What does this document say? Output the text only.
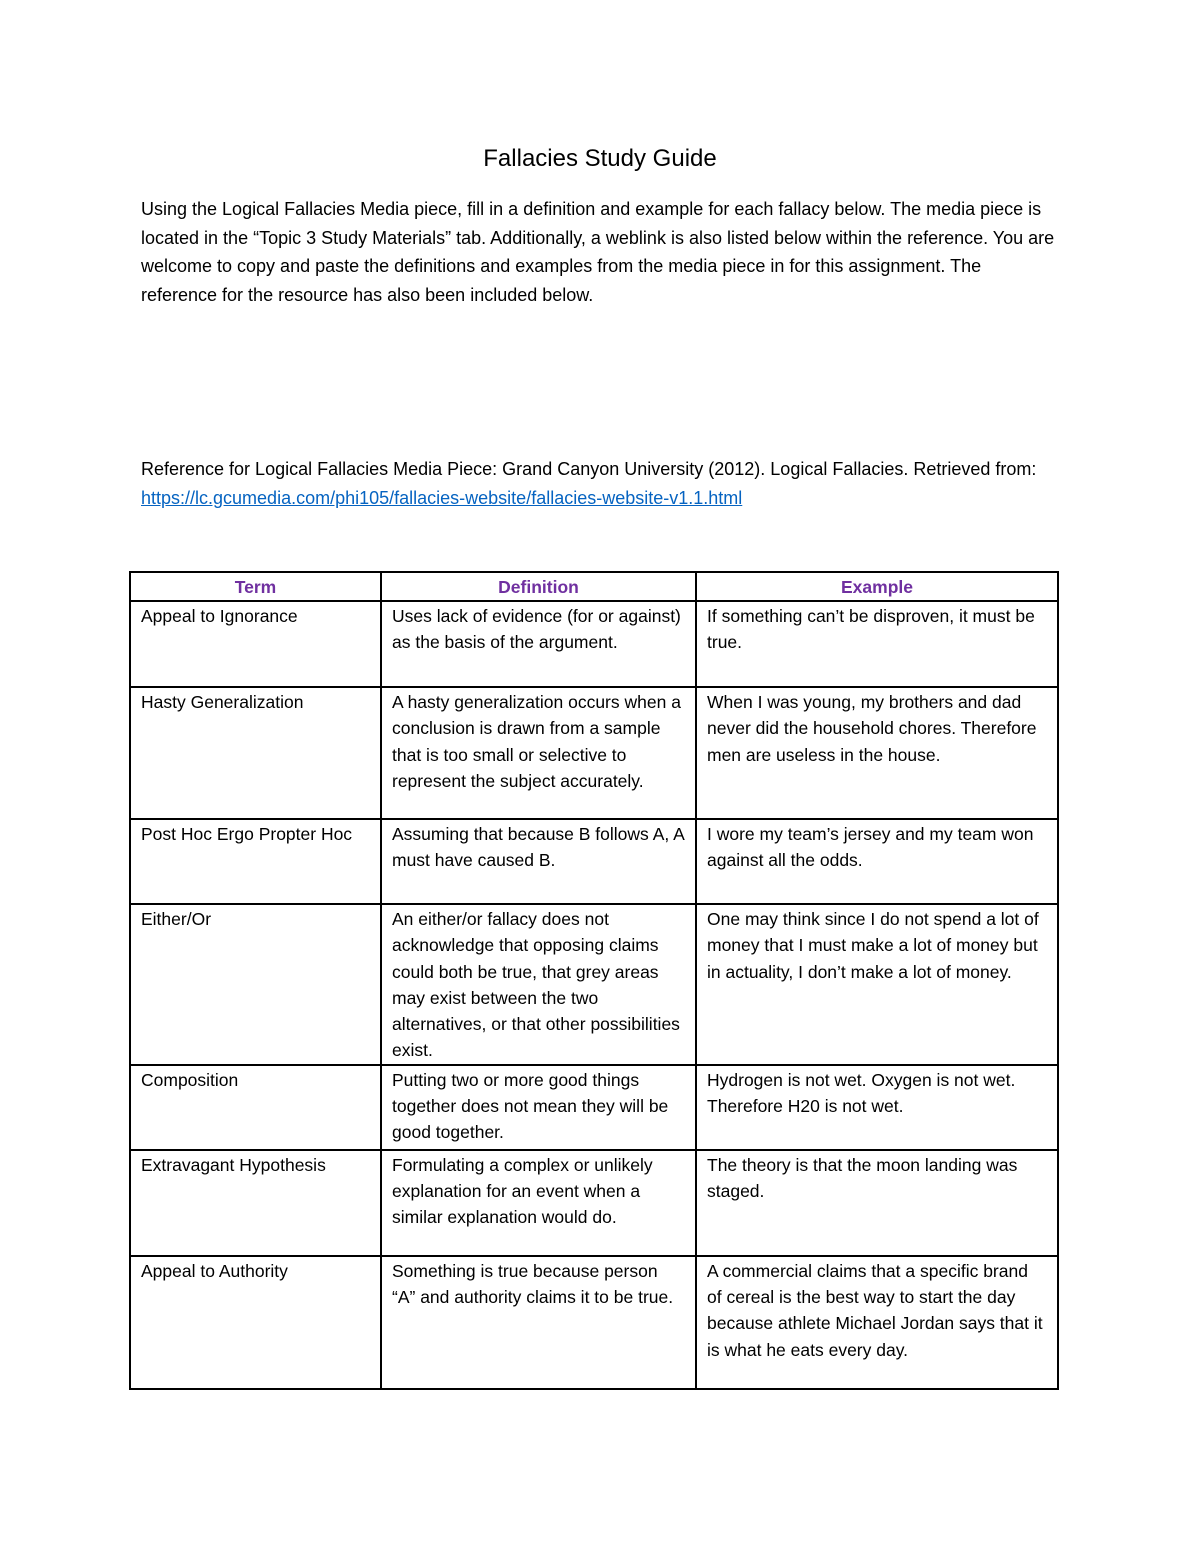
Fallacies Study Guide

Using the Logical Fallacies Media piece, fill in a definition and example for each fallacy below. The media piece is located in the “Topic 3 Study Materials” tab. Additionally, a weblink is also listed below within the reference. You are welcome to copy and paste the definitions and examples from the media piece in for this assignment. The reference for the resource has also been included below.

Reference for Logical Fallacies Media Piece: Grand Canyon University (2012). Logical Fallacies. Retrieved from: https://lc.gcumedia.com/phi105/fallacies-website/fallacies-website-v1.1.html

Term	Definition	Example
Appeal to Ignorance	Uses lack of evidence (for or against) as the basis of the argument.	If something can’t be disproven, it must be true.
Hasty Generalization	A hasty generalization occurs when a conclusion is drawn from a sample that is too small or selective to represent the subject accurately.	When I was young, my brothers and dad never did the household chores. Therefore men are useless in the house.
Post Hoc Ergo Propter Hoc	Assuming that because B follows A, A must have caused B.	I wore my team’s jersey and my team won against all the odds.
Either/Or	An either/or fallacy does not acknowledge that opposing claims could both be true, that grey areas may exist between the two alternatives, or that other possibilities exist.	One may think since I do not spend a lot of money that I must make a lot of money but in actuality, I don’t make a lot of money.
Composition	Putting two or more good things together does not mean they will be good together.	Hydrogen is not wet. Oxygen is not wet. Therefore H20 is not wet.
Extravagant Hypothesis	Formulating a complex or unlikely explanation for an event when a similar explanation would do.	The theory is that the moon landing was staged.
Appeal to Authority	Something is true because person “A” and authority claims it to be true.	A commercial claims that a specific brand of cereal is the best way to start the day because athlete Michael Jordan says that it is what he eats every day.
